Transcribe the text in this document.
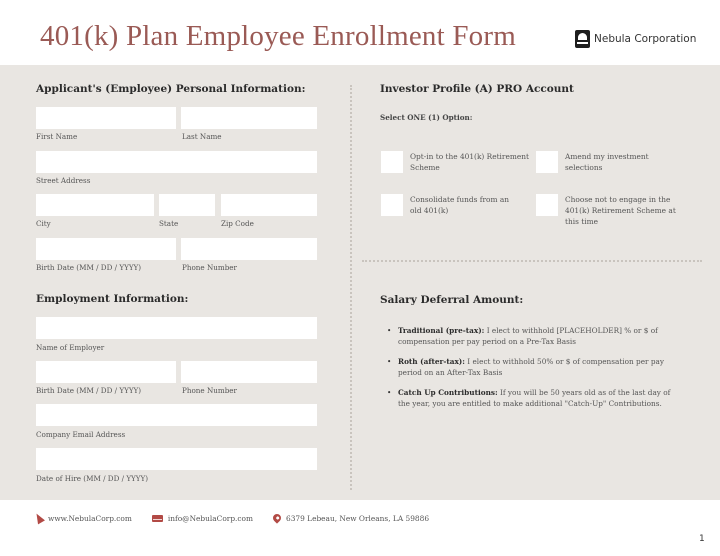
401(k) Plan Employee Enrollment Form	Nebula Corporation
Applicant's (Employee) Personal Information:
First Name	Last Name
Street Address
City	State	Zip Code
Birth Date (MM / DD / YYYY)	Phone Number
Employment Information:
Name of Employer
Birth Date (MM / DD / YYYY)	Phone Number
Company Email Address
Date of Hire (MM / DD / YYYY)
Investor Profile (A) PRO Account
Select ONE (1) Option:
Opt-in to the 401(k) Retirement Scheme
Amend my investment selections
Consolidate funds from an old 401(k)
Choose not to engage in the 401(k) Retirement Scheme at this time
Salary Deferral Amount:
• Traditional (pre-tax): I elect to withhold [PLACEHOLDER] % or $ of compensation per pay period on a Pre-Tax Basis
• Roth (after-tax): I elect to withhold 50% or $ of compensation per pay period on an After-Tax Basis
• Catch Up Contributions: If you will be 50 years old as of the last day of the year, you are entitled to make additional "Catch-Up" Contributions.
www.NebulaCorp.com	info@NebulaCorp.com	6379 Lebeau, New Orleans, LA 59886
1
